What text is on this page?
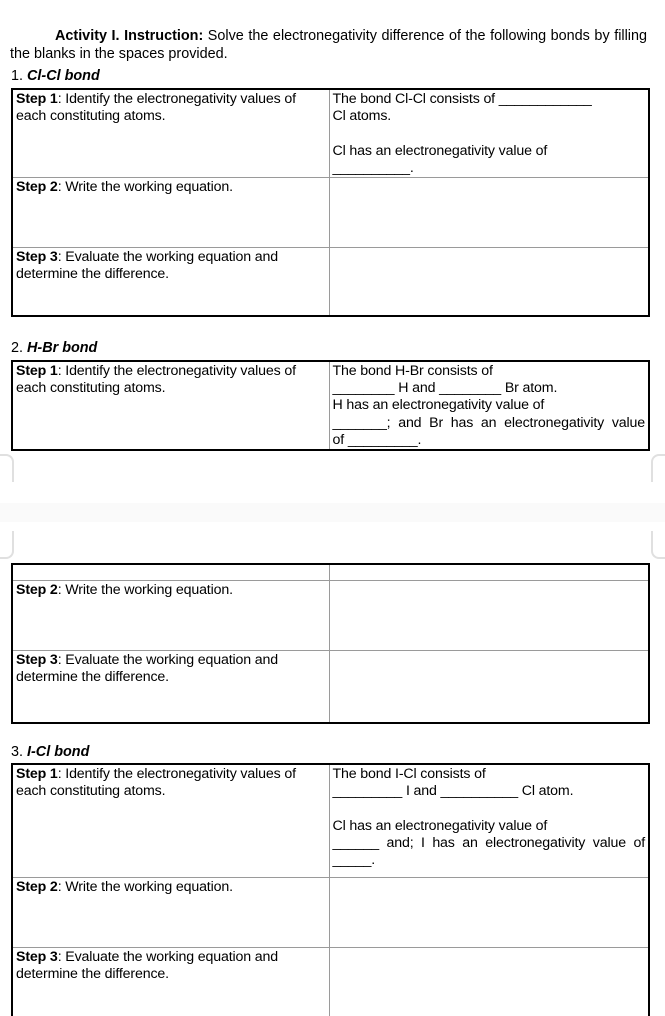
Activity I. Instruction: Solve the electronegativity difference of the following bonds by filling the blanks in the spaces provided.

1. Cl-Cl bond
Step 1: Identify the electronegativity values of each constituting atoms.	The bond Cl-Cl consists of ____________
Cl atoms.
Cl has an electronegativity value of
__________.

Step 2: Write the working equation.	
Step 3: Evaluate the working equation and determine the difference.	
2. H-Br bond
Step 1: Identify the electronegativity values of each constituting atoms.	
The bond H-Br consists of
________ H and ________ Br atom.
H has an electronegativity value of
_______; and Br has an electronegativity value
of _________.

Step 2: Write the working equation.	
Step 3: Evaluate the working equation and determine the difference.	
3. I-Cl bond
Step 1: Identify the electronegativity values of each constituting atoms.	The bond I-Cl consists of
_________ I and __________ Cl atom.
Cl has an electronegativity value of
______ and; I has an electronegativity value of
_____.

Step 2: Write the working equation.	
Step 3: Evaluate the working equation and determine the difference.	
